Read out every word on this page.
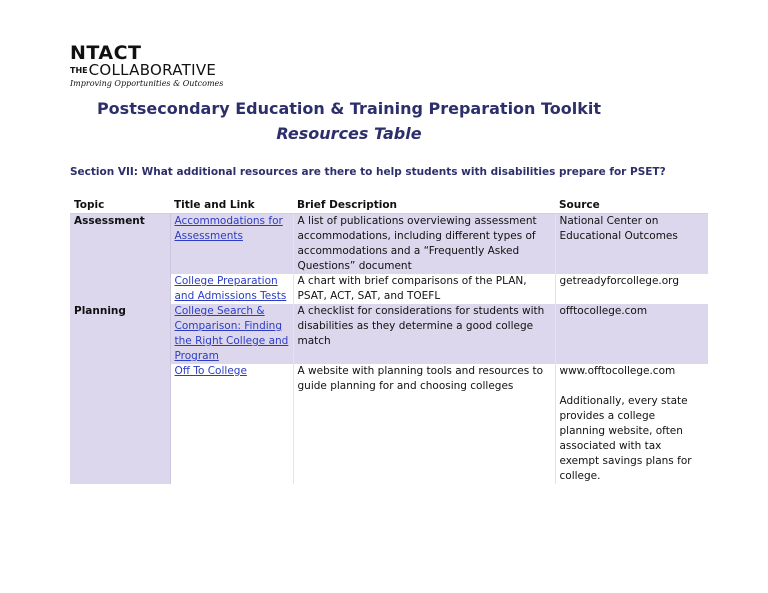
NTACT
THE COLLABORATIVE
Improving Opportunities & Outcomes
Postsecondary Education & Training Preparation Toolkit
Resources Table
Section VII: What additional resources are there to help students with disabilities prepare for PSET?
Topic	Title and Link	Brief Description	Source
Assessment	Accommodations for Assessments	A list of publications overviewing assessment accommodations, including different types of accommodations and a “Frequently Asked Questions” document	National Center on Educational Outcomes
	College Preparation and Admissions Tests	A chart with brief comparisons of the PLAN, PSAT, ACT, SAT, and TOEFL	getreadyforcollege.org
Planning	College Search & Comparison: Finding the Right College and Program	A checklist for considerations for students with disabilities as they determine a good college match	offtocollege.com
	Off To College	A website with planning tools and resources to guide planning for and choosing colleges	www.offtocollege.com
Additionally, every state provides a college planning website, often associated with tax exempt savings plans for college.
